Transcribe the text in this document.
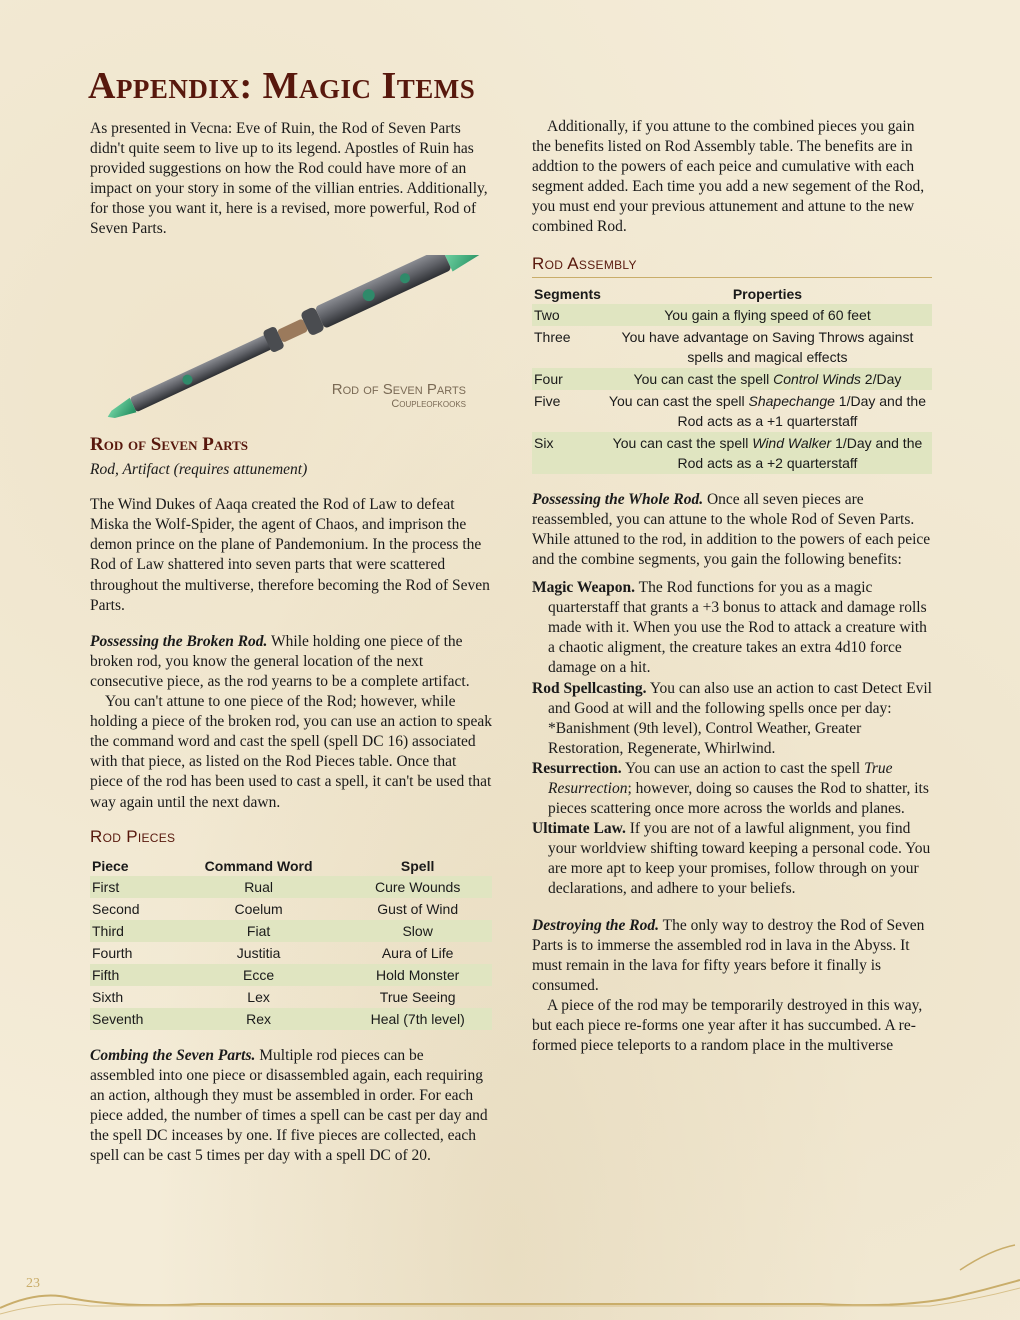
Appendix: Magic Items
Rod of Seven Parts
Coupleofkooks

As presented in Vecna: Eve of Ruin, the Rod of Seven Parts didn't quite seem to live up to its legend. Apostles of Ruin has provided suggestions on how the Rod could have more of an impact on your story in some of the villian entries. Additionally, for those you want it, here is a revised, more powerful, Rod of Seven Parts.

Rod of Seven Parts

Rod, Artifact (requires attunement)

The Wind Dukes of Aaqa created the Rod of Law to defeat Miska the Wolf-Spider, the agent of Chaos, and imprison the demon prince on the plane of Pandemonium. In the process the Rod of Law shattered into seven parts that were scattered throughout the multiverse, therefore becoming the Rod of Seven Parts.

Possessing the Broken Rod. While holding one piece of the broken rod, you know the general location of the next consecutive piece, as the rod yearns to be a complete artifact.

You can't attune to one piece of the Rod; however, while holding a piece of the broken rod, you can use an action to speak the command word and cast the spell (spell DC 16) associated with that piece, as listed on the Rod Pieces table. Once that piece of the rod has been used to cast a spell, it can't be used that way again until the next dawn.

Rod Pieces
Piece	Command Word	Spell
First	Rual	Cure Wounds
Second	Coelum	Gust of Wind
Third	Fiat	Slow
Fourth	Justitia	Aura of Life
Fifth	Ecce	Hold Monster
Sixth	Lex	True Seeing
Seventh	Rex	Heal (7th level)

Combing the Seven Parts. Multiple rod pieces can be assembled into one piece or disassembled again, each requiring an action, although they must be assembled in order. For each piece added, the number of times a spell can be cast per day and the spell DC inceases by one. If five pieces are collected, each spell can be cast 5 times per day with a spell DC of 20.

Additionally, if you attune to the combined pieces you gain the benefits listed on Rod Assembly table. The benefits are in addtion to the powers of each peice and cumulative with each segment added. Each time you add a new segement of the Rod, you must end your previous attunement and attune to the new combined Rod.

Rod Assembly
Segments	Properties
Two	You gain a flying speed of 60 feet
Three	You have advantage on Saving Throws against spells and magical effects
Four	You can cast the spell Control Winds 2/Day
Five	You can cast the spell Shapechange 1/Day and the Rod acts as a +1 quarterstaff
Six	You can cast the spell Wind Walker 1/Day and the Rod acts as a +2 quarterstaff

Possessing the Whole Rod. Once all seven pieces are reassembled, you can attune to the whole Rod of Seven Parts. While attuned to the rod, in addition to the powers of each peice and the combine segments, you gain the following benefits:

Magic Weapon. The Rod functions for you as a magic quarterstaff that grants a +3 bonus to attack and damage rolls made with it. When you use the Rod to attack a creature with a chaotic aligment, the creature takes an extra 4d10 force damage on a hit.

Rod Spellcasting. You can also use an action to cast Detect Evil and Good at will and the following spells once per day: *Banishment (9th level), Control Weather, Greater Restoration, Regenerate, Whirlwind.

Resurrection. You can use an action to cast the spell True Resurrection; however, doing so causes the Rod to shatter, its pieces scattering once more across the worlds and planes.

Ultimate Law. If you are not of a lawful alignment, you find your worldview shifting toward keeping a personal code. You are more apt to keep your promises, follow through on your declarations, and adhere to your beliefs.

Destroying the Rod. The only way to destroy the Rod of Seven Parts is to immerse the assembled rod in lava in the Abyss. It must remain in the lava for fifty years before it finally is consumed.

A piece of the rod may be temporarily destroyed in this way, but each piece re-forms one year after it has succumbed. A re-formed piece teleports to a random place in the multiverse

23
